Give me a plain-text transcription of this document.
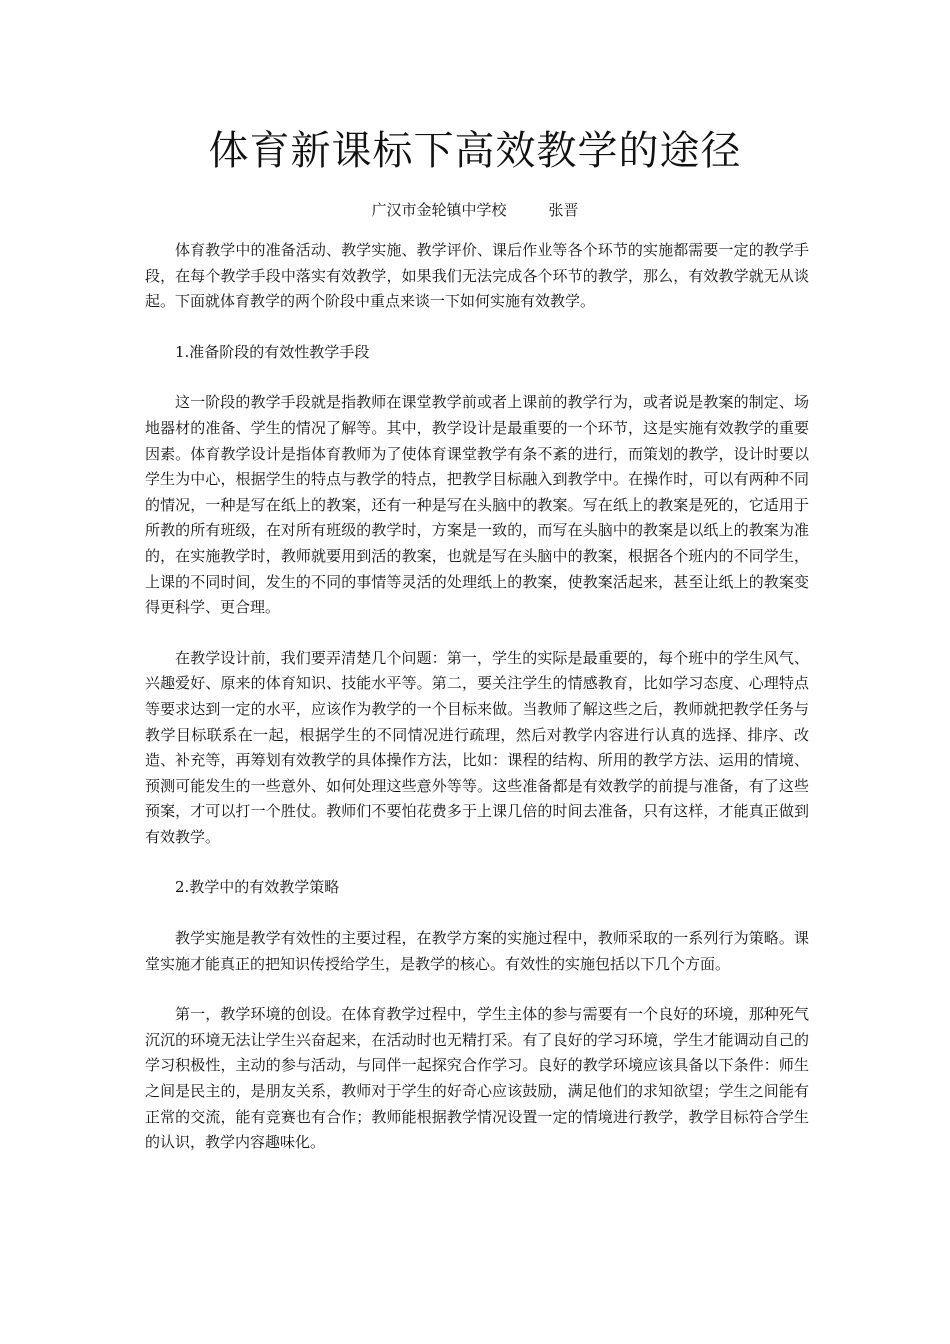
体育新课标下高效教学的途径
广汉市金轮镇中学校	张晋

体育教学中的准备活动、教学实施、教学评价、课后作业等各个环节的实施都需要一定的教学手段，在每个教学手段中落实有效教学，如果我们无法完成各个环节的教学，那么，有效教学就无从谈起。下面就体育教学的两个阶段中重点来谈一下如何实施有效教学。

1.准备阶段的有效性教学手段

这一阶段的教学手段就是指教师在课堂教学前或者上课前的教学行为，或者说是教案的制定、场地器材的准备、学生的情况了解等。其中，教学设计是最重要的一个环节，这是实施有效教学的重要因素。体育教学设计是指体育教师为了使体育课堂教学有条不紊的进行，而策划的教学，设计时要以学生为中心，根据学生的特点与教学的特点，把教学目标融入到教学中。在操作时，可以有两种不同的情况，一种是写在纸上的教案，还有一种是写在头脑中的教案。写在纸上的教案是死的，它适用于所教的所有班级，在对所有班级的教学时，方案是一致的，而写在头脑中的教案是以纸上的教案为准的，在实施教学时，教师就要用到活的教案，也就是写在头脑中的教案，根据各个班内的不同学生，上课的不同时间，发生的不同的事情等灵活的处理纸上的教案，使教案活起来，甚至让纸上的教案变得更科学、更合理。

在教学设计前，我们要弄清楚几个问题：第一，学生的实际是最重要的，每个班中的学生风气、兴趣爱好、原来的体育知识、技能水平等。第二，要关注学生的情感教育，比如学习态度、心理特点等要求达到一定的水平，应该作为教学的一个目标来做。当教师了解这些之后，教师就把教学任务与教学目标联系在一起，根据学生的不同情况进行疏理，然后对教学内容进行认真的选择、排序、改造、补充等，再筹划有效教学的具体操作方法，比如：课程的结构、所用的教学方法、运用的情境、预测可能发生的一些意外、如何处理这些意外等等。这些准备都是有效教学的前提与准备，有了这些预案，才可以打一个胜仗。教师们不要怕花费多于上课几倍的时间去准备，只有这样，才能真正做到有效教学。

2.教学中的有效教学策略

教学实施是教学有效性的主要过程，在教学方案的实施过程中，教师采取的一系列行为策略。课堂实施才能真正的把知识传授给学生，是教学的核心。有效性的实施包括以下几个方面。

第一，教学环境的创设。在体育教学过程中，学生主体的参与需要有一个良好的环境，那种死气沉沉的环境无法让学生兴奋起来，在活动时也无精打采。有了良好的学习环境，学生才能调动自己的学习积极性，主动的参与活动，与同伴一起探究合作学习。良好的教学环境应该具备以下条件：师生之间是民主的，是朋友关系，教师对于学生的好奇心应该鼓励，满足他们的求知欲望；学生之间能有正常的交流，能有竞赛也有合作；教师能根据教学情况设置一定的情境进行教学，教学目标符合学生的认识，教学内容趣味化。
